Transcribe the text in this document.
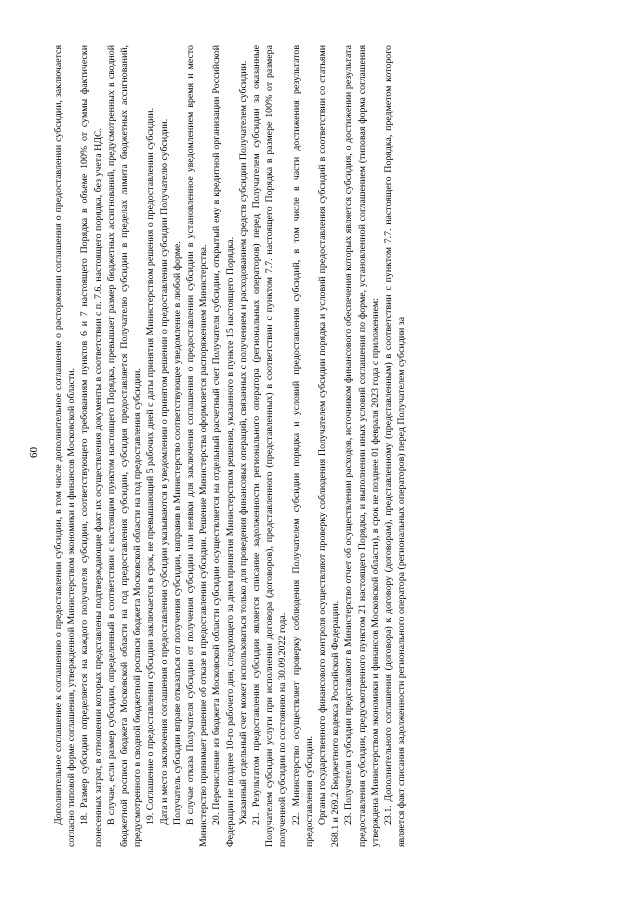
60 Дополнительное соглашение к соглашению о предоставлении субсидии, в том числе дополнительное соглашение о расторжении соглашения о предоставлении субсидии, заключается согласно типовой форме соглашения, утвержденной Министерством экономики и финансов Московской области. 18. Размер субсидии определяется на каждого получателя субсидии, соответствующего требованиям пунктов 6 и 7 настоящего Порядка в объеме 100% от суммы фактически понесенных затрат, в отношении которых представлены подтверждающие факт их осуществления документы в соответствии с п. 7.6. настоящего порядка, без учета НДС. В случае, если размер субсидии, определенный в соответствии с настоящим пунктом настоящего Порядка, превышает размер бюджетных ассигнований, предусмотренных в сводной бюджетной росписи бюджета Московской области на год предоставления субсидии, субсидия предоставляется Получателю субсидии в пределах лимита бюджетных ассигнований, предусмотренного в сводной бюджетной росписи бюджета Московской области на год предоставления субсидии. 19. Соглашение о предоставлении субсидии заключается в срок, не превышающий 5 рабочих дней с даты принятия Министерством решения о предоставлении субсидии. Дата и место заключения соглашения о предоставлении субсидии указываются в уведомлении о принятом решении о предоставлении субсидии Получателю субсидии. Получатель субсидии вправе отказаться от получения субсидии, направив в Министерство соответствующее уведомление в любой форме. В случае отказа Получателя субсидии от получения субсидии или неявки для заключения соглашения о предоставлении субсидии в установленное уведомлением время и место Министерство принимает решение об отказе в предоставлении субсидии. Решение Министерства оформляется распоряжением Министерства. 20. Перечисление из бюджета Московской области субсидии осуществляется на отдельный расчетный счет Получателя субсидии, открытый ему в кредитной организации Российской Федерации не позднее 10-го рабочего дня, следующего за днем принятия Министерством решения, указанного в пункте 15 настоящего Порядка. Указанный отдельный счет может использоваться только для проведения финансовых операций, связанных с получением и расходованием средств субсидии Получателем субсидии. 21. Результатом предоставления субсидии является списание задолженности регионального оператора (региональных операторов) перед Получателем субсидии за оказанные Получателем субсидии услуги при исполнении договора (договоров), представленного (представленных) в соответствии с пунктом 7.7. настоящего Порядка в размере 100% от размера полученной субсидии по состоянию на 30.09.2022 года. 22. Министерство осуществляет проверку соблюдения Получателем субсидии порядка и условий предоставления субсидий, в том числе в части достижения результатов предоставления субсидии. Органы государственного финансового контроля осуществляют проверку соблюдения Получателем субсидии порядка и условий предоставления субсидий в соответствии со статьями 268.1 и 269.2 Бюджетного кодекса Российской Федерации. 23. Получатели субсидии представляют в Министерство отчет об осуществлении расходов, источником финансового обеспечения которых является субсидия, о достижении результата предоставления субсидии, предусмотренного пунктом 21 настоящего Порядка, и выполнении иных условий соглашения по форме, установленной соглашением (типовая форма соглашения утверждена Министерством экономики и финансов Московской области), в срок не позднее 01 февраля 2023 года с приложением: 23.1. Дополнительного соглашения (договора) к договору (договорам), представленному (представленным) в соответствии с пунктом 7.7. настоящего Порядка, предметом которого является факт списания задолженности регионального оператора (региональных операторов) перед Получателем субсидии за
